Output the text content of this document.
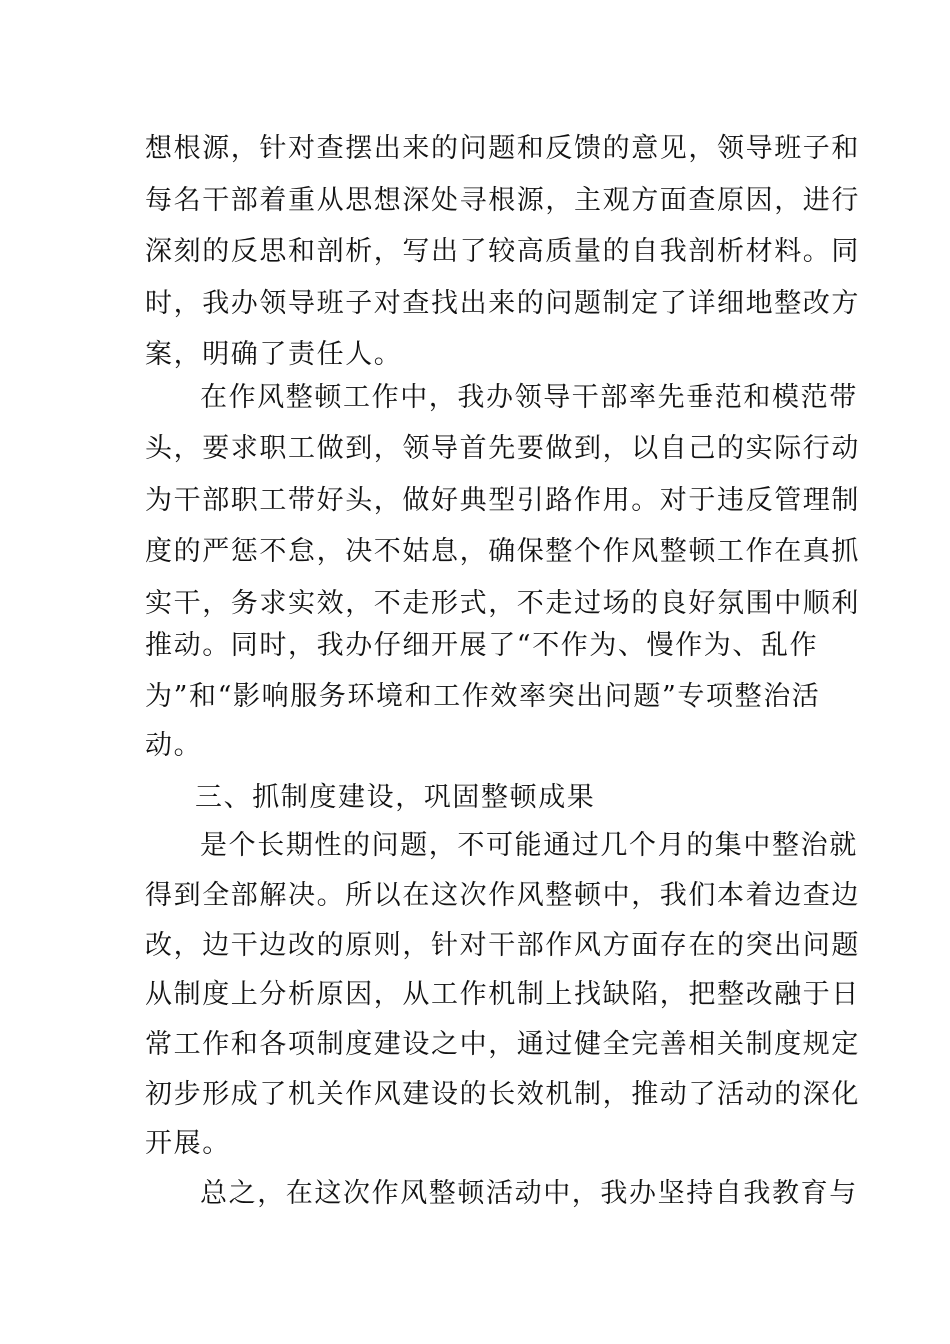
想根源，针对查摆出来的问题和反馈的意见，领导班子和
每名干部着重从思想深处寻根源，主观方面查原因，进行
深刻的反思和剖析，写出了较高质量的自我剖析材料。同
时，我办领导班子对查找出来的问题制定了详细地整改方
案，明确了责任人。
在作风整顿工作中，我办领导干部率先垂范和模范带
头，要求职工做到，领导首先要做到，以自己的实际行动
为干部职工带好头，做好典型引路作用。对于违反管理制
度的严惩不怠，决不姑息，确保整个作风整顿工作在真抓
实干，务求实效，不走形式，不走过场的良好氛围中顺利
推动。同时，我办仔细开展了“不作为、慢作为、乱作
为”和“影响服务环境和工作效率突出问题”专项整治活
动。
三、抓制度建设，巩固整顿成果
是个长期性的问题，不可能通过几个月的集中整治就
得到全部解决。所以在这次作风整顿中，我们本着边查边
改，边干边改的原则，针对干部作风方面存在的突出问题
从制度上分析原因，从工作机制上找缺陷，把整改融于日
常工作和各项制度建设之中，通过健全完善相关制度规定
初步形成了机关作风建设的长效机制，推动了活动的深化
开展。
总之，在这次作风整顿活动中，我办坚持自我教育与
